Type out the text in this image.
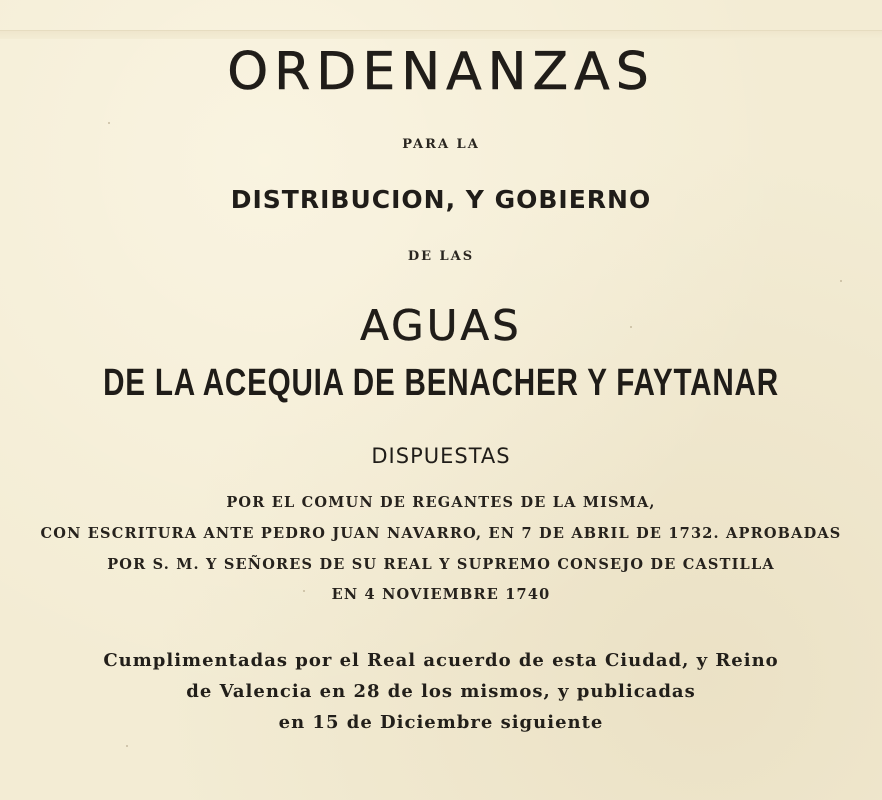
ORDENANZAS
PARA LA
DISTRIBUCION, Y GOBIERNO
DE LAS
AGUAS
DE LA ACEQUIA DE BENACHER Y FAYTANAR
DISPUESTAS
POR EL COMUN DE REGANTES DE LA MISMA,
CON ESCRITURA ANTE PEDRO JUAN NAVARRO, EN 7 DE ABRIL DE 1732. APROBADAS
POR S. M. Y SEÑORES DE SU REAL Y SUPREMO CONSEJO DE CASTILLA
EN 4 NOVIEMBRE 1740
Cumplimentadas por el Real acuerdo de esta Ciudad, y Reino
de Valencia en 28 de los mismos, y publicadas
en 15 de Diciembre siguiente
